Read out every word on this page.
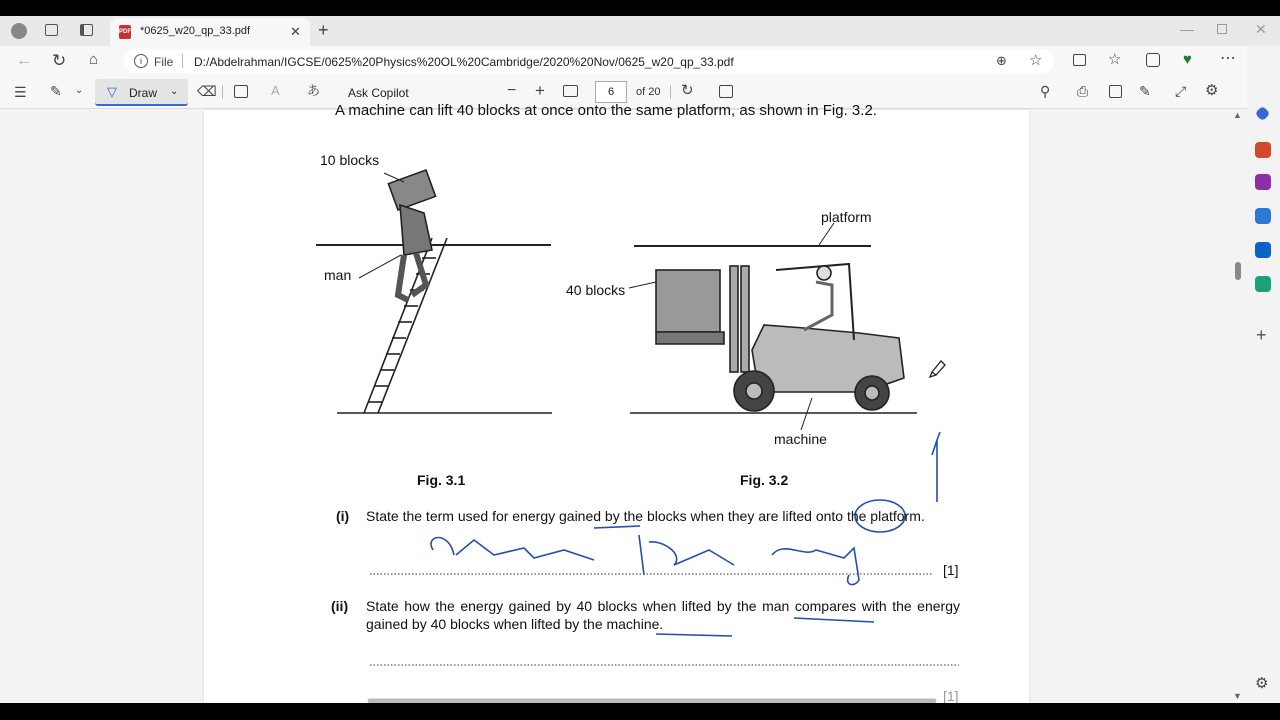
PDF *0625_w20_qp_33.pdf	✕ +	—	✕
← ↻ ⌂	i	File D:/Abdelrahman/IGCSE/0625%20Physics%20OL%20Cambridge/2020%20Nov/0625_w20_qp_33.pdf	⊕ ☆	☆	♥ ⋯
☰ ✎ ⌄ ▽ Draw ⌄ ⌫	A あ Ask Copilot	− +	6	of 20 ↻	⚲ ⎙	✎ ⤢ ⚙
+
⚙
A machine can lift 40 blocks at once onto the same platform, as shown in Fig. 3.2.
10 blocks
man
platform
40 blocks
machine
Fig. 3.1	Fig. 3.2
(i) State the term used for energy gained by the blocks when they are lifted onto the platform.
[1]
(ii) State how the energy gained by 40 blocks when lifted by the man compares with the energy gained by 40 blocks when lifted by the machine.
[1]
▲
▼
